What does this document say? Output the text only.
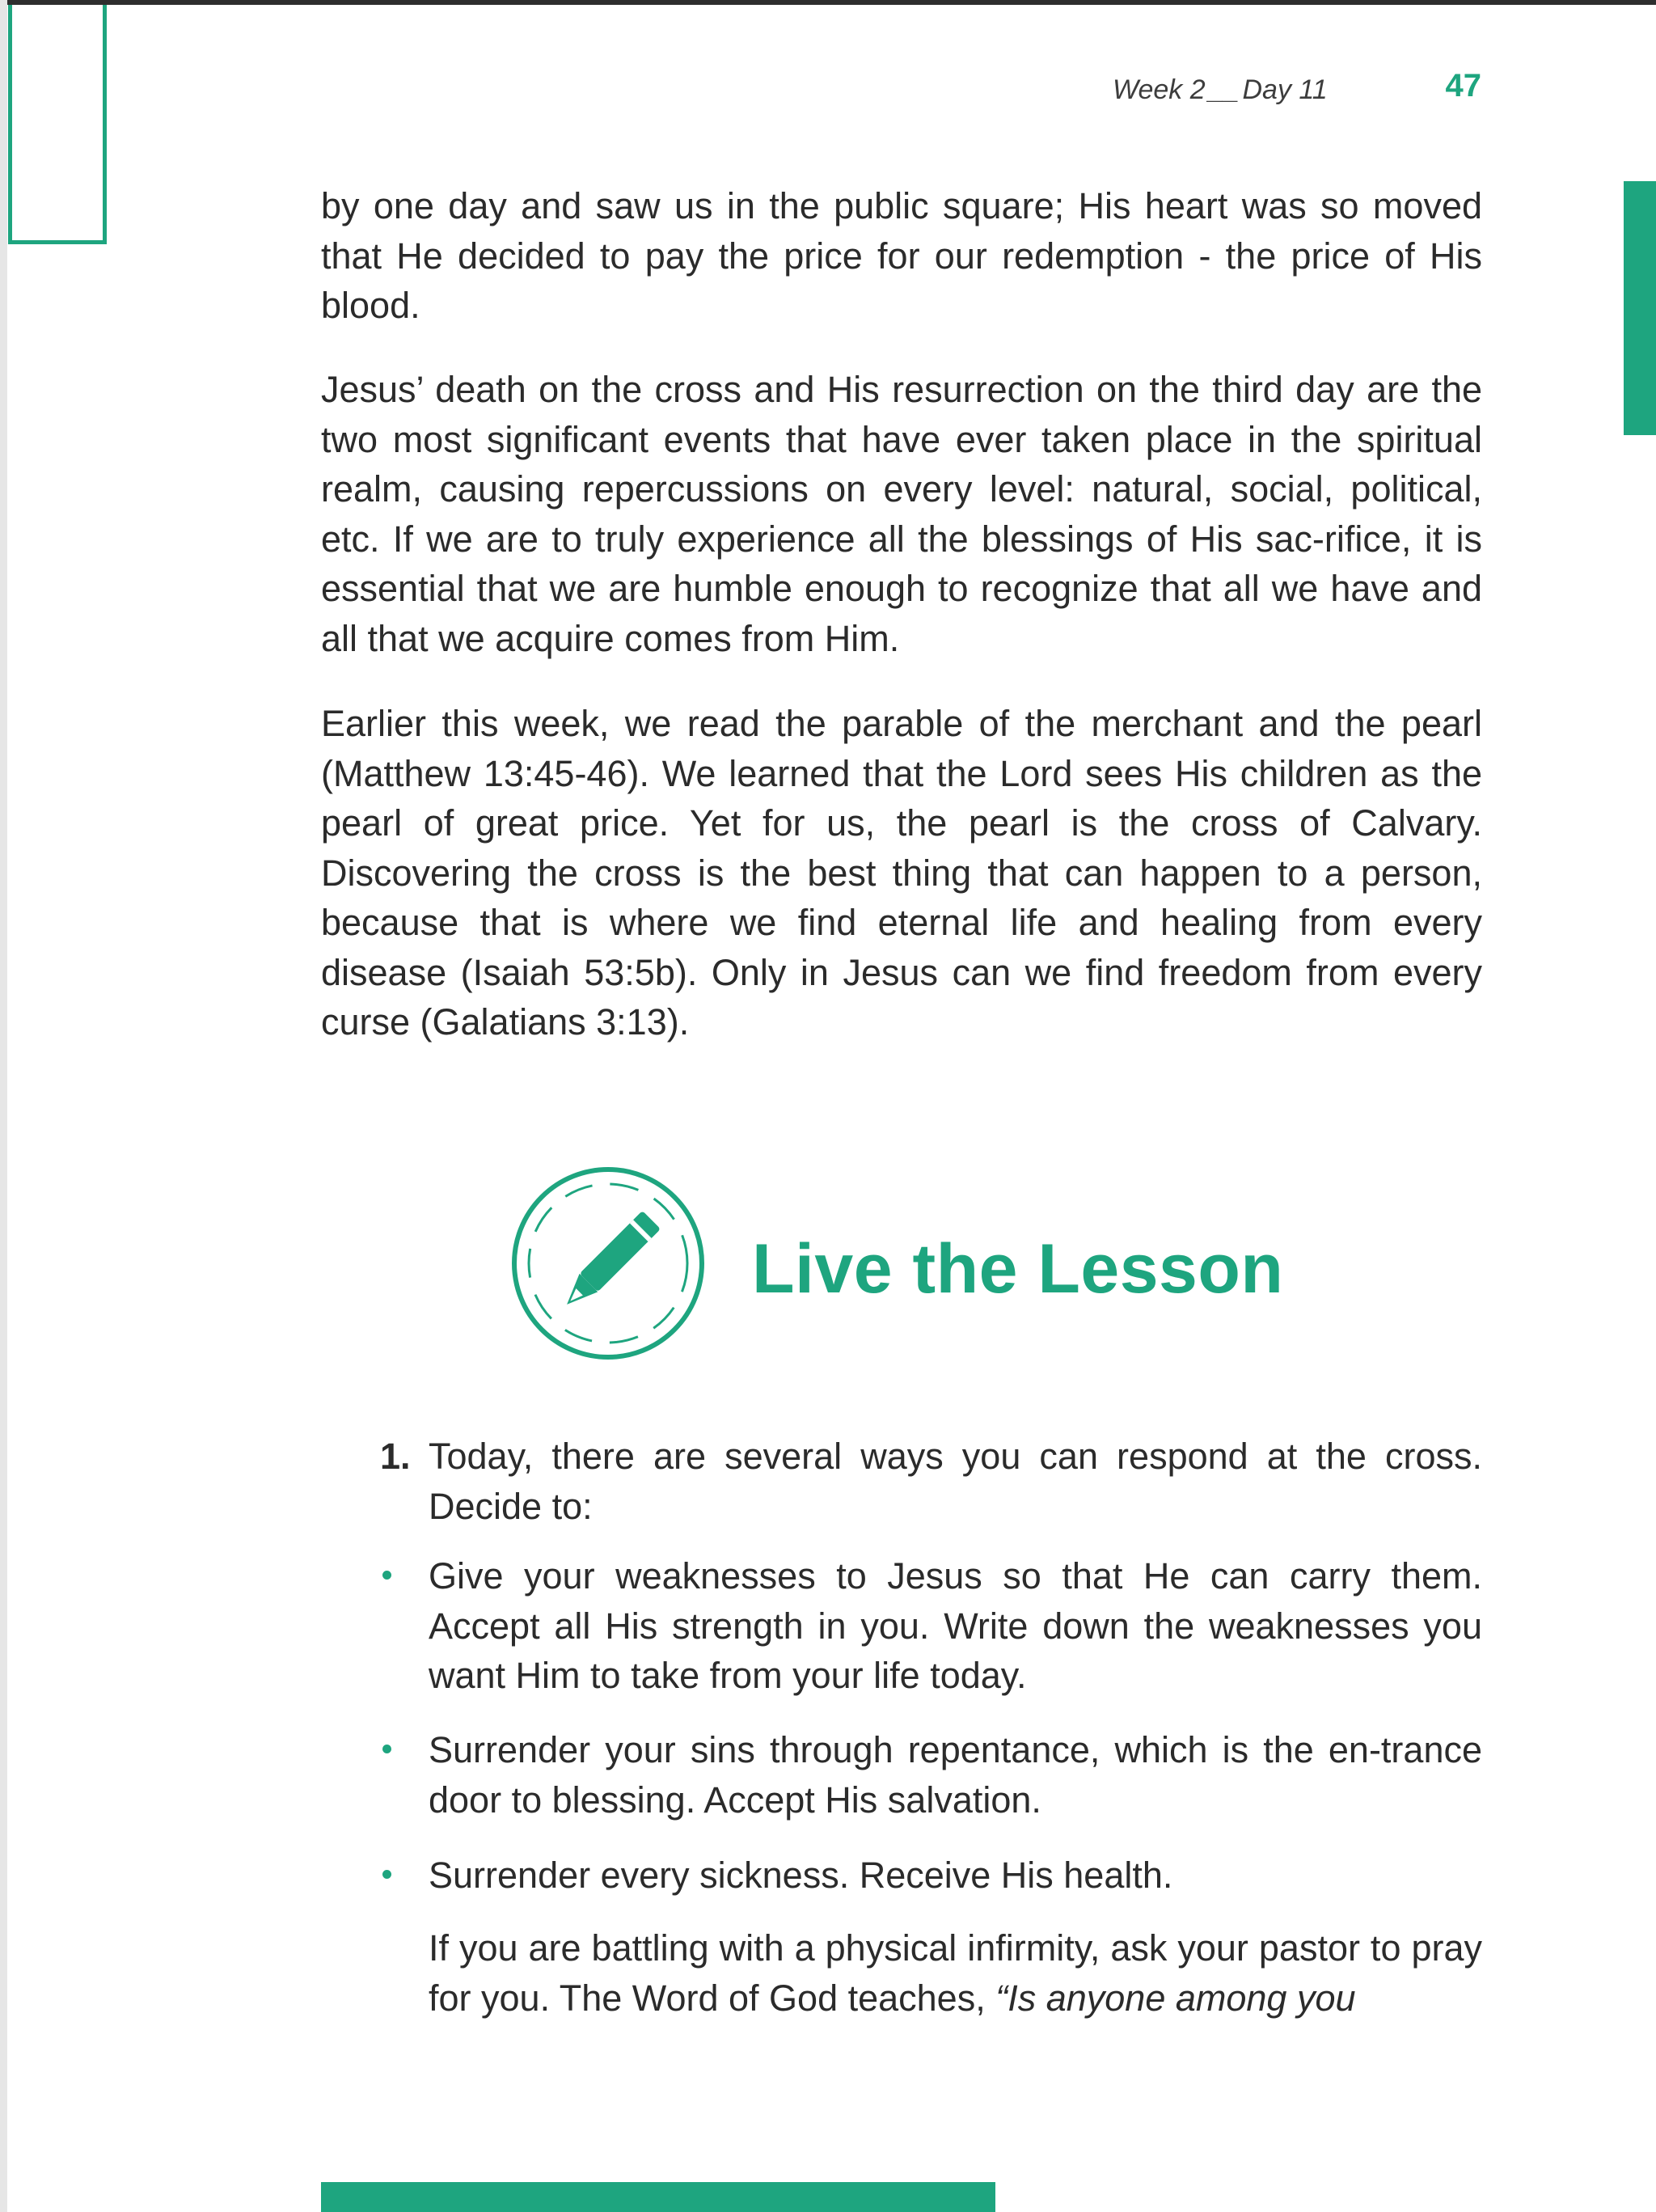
Week 2 __ Day 11	47

by one day and saw us in the public square; His heart was so moved that He decided to pay the price for our redemption - the price of His blood.

Jesus’ death on the cross and His resurrection on the third day are the two most significant events that have ever taken place in the spiritual realm, causing repercussions on every level: natural, social, political, etc. If we are to truly experience all the blessings of His sac-rifice, it is essential that we are humble enough to recognize that all we have and all that we acquire comes from Him.

Earlier this week, we read the parable of the merchant and the pearl (Matthew 13:45-46). We learned that the Lord sees His children as the pearl of great price. Yet for us, the pearl is the cross of Calvary. Discovering the cross is the best thing that can happen to a person, because that is where we find eternal life and healing from every disease (Isaiah 53:5b). Only in Jesus can we find freedom from every curse (Galatians 3:13).

Live the Lesson
1. Today, there are several ways you can respond at the cross. Decide to:

Give your weaknesses to Jesus so that He can carry them. Accept all His strength in you. Write down the weaknesses you want Him to take from your life today.

Surrender your sins through repentance, which is the en-trance door to blessing. Accept His salvation.

Surrender every sickness. Receive His health.

If you are battling with a physical infirmity, ask your pastor to pray for you. The Word of God teaches, “Is anyone among you
